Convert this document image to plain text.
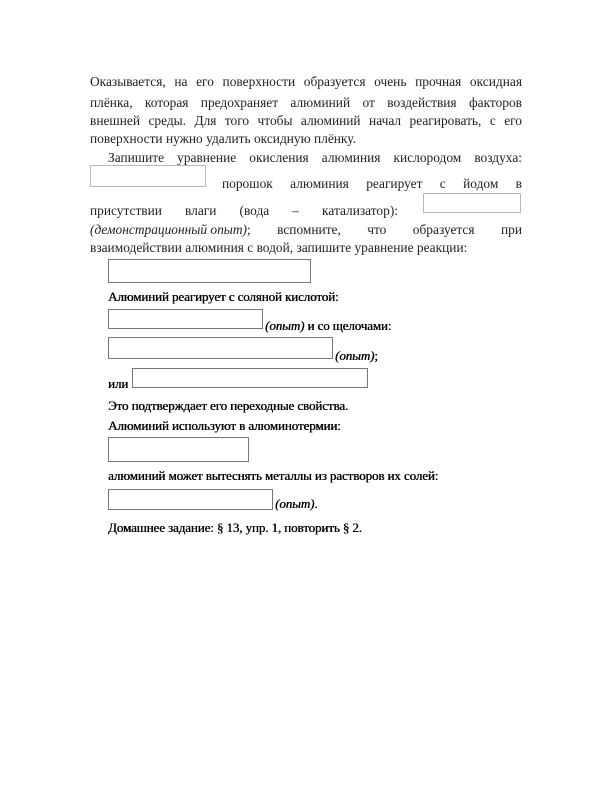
Оказывается, на его поверхности образуется очень прочная оксидная
плёнка, которая предохраняет алюминий от воздействия факторов
внешней среды. Для того чтобы алюминий начал реагировать, с его
поверхности нужно удалить оксидную плёнку.
Запишите уравнение окисления алюминия кислородом воздуха:
порошок алюминия реагирует с йодом в
присутствии влаги (вода – катализатор):
(демонстрационный опыт) ; вспомните, что образуется при
взаимодействии алюминия с водой, запишите уравнение реакции:
Алюминий реагирует с соляной кислотой:
(опыт) и со щелочами:
(опыт);
или
Это подтверждает его переходные свойства.
Алюминий используют в алюминотермии:
алюминий может вытеснять металлы из растворов их солей:
(опыт).
Домашнее задание: § 13, упр. 1, повторить § 2.
